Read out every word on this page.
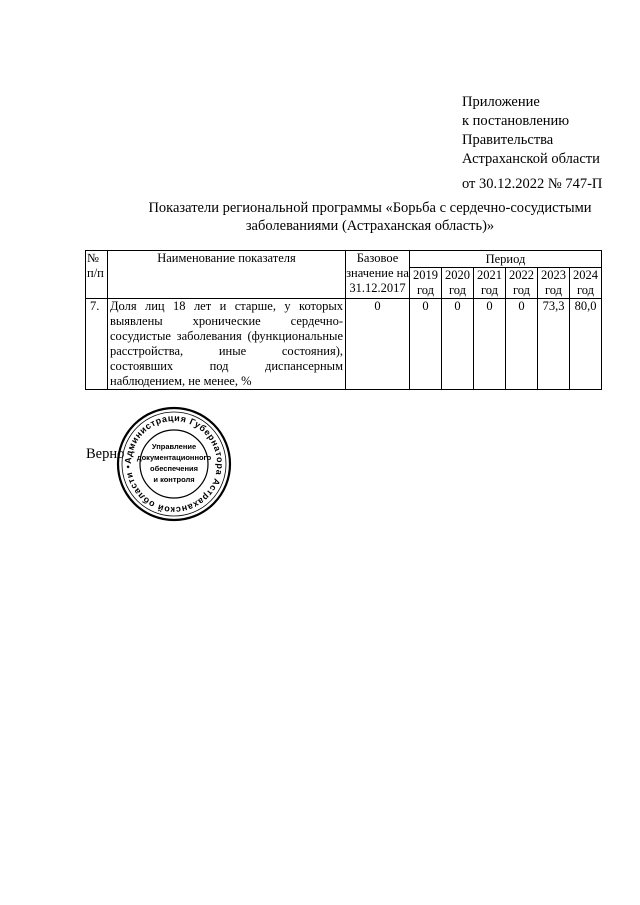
Приложение
к постановлению
Правительства
Астраханской области
от 30.12.2022 № 747-П
Показатели региональной программы «Борьба с сердечно-сосудистыми
заболеваниями (Астраханская область)»
№ п/п	Наименование показателя	Базовое значение на 31.12.2017	Период					
			2019 год	2020 год	2021 год	2022 год	2023 год	2024 год
7.	Доля лиц 18 лет и старше, у которых выявлены хронические сердечно-сосудистые заболевания (функциональные расстройства, иные состояния), состоявших под диспансерным наблюдением, не менее, %	0	0	0	0	0	73,3	80,0
Верно
Администрация Губернатора Астраханской области •
Управление
документационного
обеспечения
и контроля
